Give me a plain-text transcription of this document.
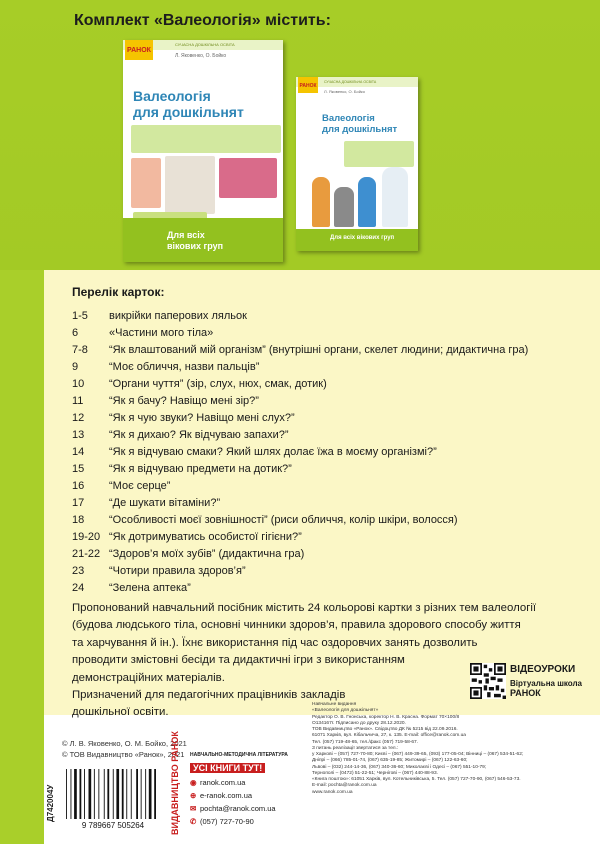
Комплект «Валеологія» містить:
СУЧАСНА ДОШКІЛЬНА ОСВІТА
РАНОК
Л. Яковенко, О. Бойко
Валеологія
для дошкільнят
Для всіх
вікових груп
СУЧАСНА ДОШКІЛЬНА ОСВІТА
РАНОК
Л. Яковенко, О. Бойко
Валеологія
для дошкільнят
Для всіх вікових груп
Перелік карток:
1-5 викрійки паперових ляльок
6	«Частини мого тіла»
7-8 “Як влаштований мій організм” (внутрішні органи, скелет людини; дидактична гра)
9	“Моє обличчя, назви пальців”
10 “Органи чуття” (зір, слух, нюх, смак, дотик)
11 “Як я бачу? Навіщо мені зір?”
12 “Як я чую звуки? Навіщо мені слух?”
13 “Як я дихаю? Як відчуваю запахи?”
14 “Як я відчуваю смаки? Який шлях долає їжа в моєму організмі?”
15 “Як я відчуваю предмети на дотик?”
16 “Моє серце”
17 “Де шукати вітаміни?”
18 “Особливості моєї зовнішності” (риси обличчя, колір шкіри, волосся)
19-20 “Як дотримуватись особистої гігієни?”
21-22 “Здоров’я моїх зубів” (дидактична гра)
23 “Чотири правила здоров’я”
24 “Зелена аптека”
Пропонований навчальний посібник містить 24 кольорові картки з різних тем валеології
(будова людського тіла, основні чинники здоров’я, правила здорового способу життя
та харчування й ін.). Їхнє використання під час оздоровчих занять дозволить
проводити змістовні бесіди та дидактичні ігри з використанням
демонстраційних матеріалів.
Призначений для педагогічних працівників закладів
дошкільної освіти.
ВІДЕОУРОКИ
Віртуальна школа
РАНОК
Навчальне видання
«Валеологія для дошкільнят»
Редактор О. В. Гнонська, коректор Н. В. Красна. Формат 70×100/8
О134167r. Підписано до друку 28.12.2020.
ТОВ Видавництво «Ранок». Свідоцтво ДК № 5215 від 22.09.2016.
61071 Харків, вул. Кібальчича, 27, к. 135. E-mail: office@ranok.com.ua
Тел. (057) 719-48-65, тел./факс (057) 719-58-67.
З питань реалізації звертатися за тел.:
у Харкові – (057) 727-70-80; Києві – (067) 449-39-65, (093) 177-05-04; Вінниці – (067) 534-51-62;
Дніпрі – (066) 785-01-74, (067) 635-19-85; Житомирі – (067) 122-63-60;
Львові – (032) 244-14-36, (067) 340-36-60; Миколаєві і Одесі – (067) 551-10-79;
Тернополі – (0472) 51-22-51; Чернігові – (067) 440-88-93.
«Книга поштою»: 61051 Харків, вул. Котельниківська, 5. Тел. (057) 727-70-90, (067) 546-53-73.
E-mail: pochta@ranok.com.ua
www.ranok.com.ua
© Л. В. Яковенко, О. М. Бойко, 2021
© ТОВ Видавництво «Ранок», 2021
Д742004У
9 789667 505264	ВИДАВНИЦТВО РАНОК НАВЧАЛЬНО-МЕТОДИЧНА ЛІТЕРАТУРА
УСІ КНИГИ ТУТ!
◉ ranok.com.ua
⊕ e-ranok.com.ua
✉ pochta@ranok.com.ua
✆ (057) 727-70-90
